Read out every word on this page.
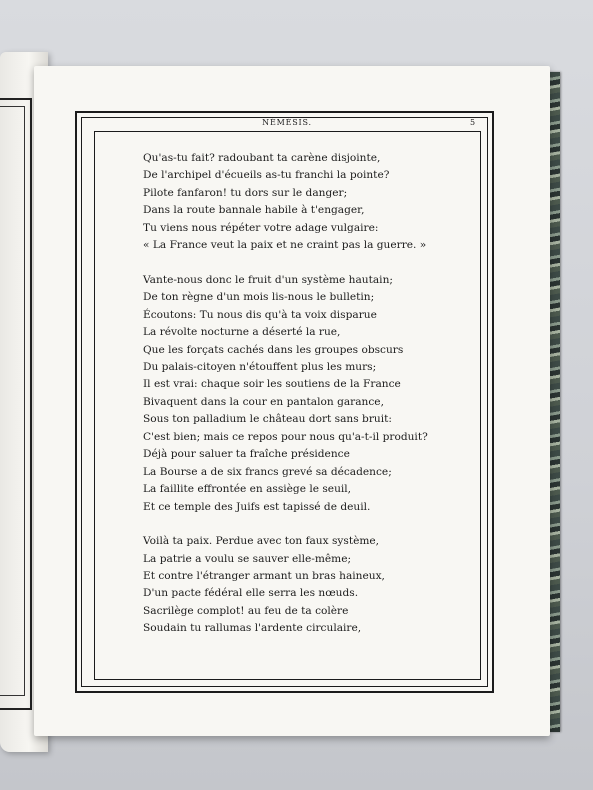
NÉMÉSIS.	5
Qu'as-tu fait? radoubant ta carène disjointe,
De l'archipel d'écueils as-tu franchi la pointe?
Pilote fanfaron! tu dors sur le danger;
Dans la route bannale habile à t'engager,
Tu viens nous répéter votre adage vulgaire:
« La France veut la paix et ne craint pas la guerre. »
Vante-nous donc le fruit d'un système hautain;
De ton règne d'un mois lis-nous le bulletin;
Écoutons: Tu nous dis qu'à ta voix disparue
La révolte nocturne a déserté la rue,
Que les forçats cachés dans les groupes obscurs
Du palais-citoyen n'étouffent plus les murs;
Il est vrai: chaque soir les soutiens de la France
Bivaquent dans la cour en pantalon garance,
Sous ton palladium le château dort sans bruit:
C'est bien; mais ce repos pour nous qu'a-t-il produit?
Déjà pour saluer ta fraîche présidence
La Bourse a de six francs grevé sa décadence;
La faillite effrontée en assiège le seuil,
Et ce temple des Juifs est tapissé de deuil.
Voilà ta paix. Perdue avec ton faux système,
La patrie a voulu se sauver elle-même;
Et contre l'étranger armant un bras haineux,
D'un pacte fédéral elle serra les nœuds.
Sacrilège complot! au feu de ta colère
Soudain tu rallumas l'ardente circulaire,
